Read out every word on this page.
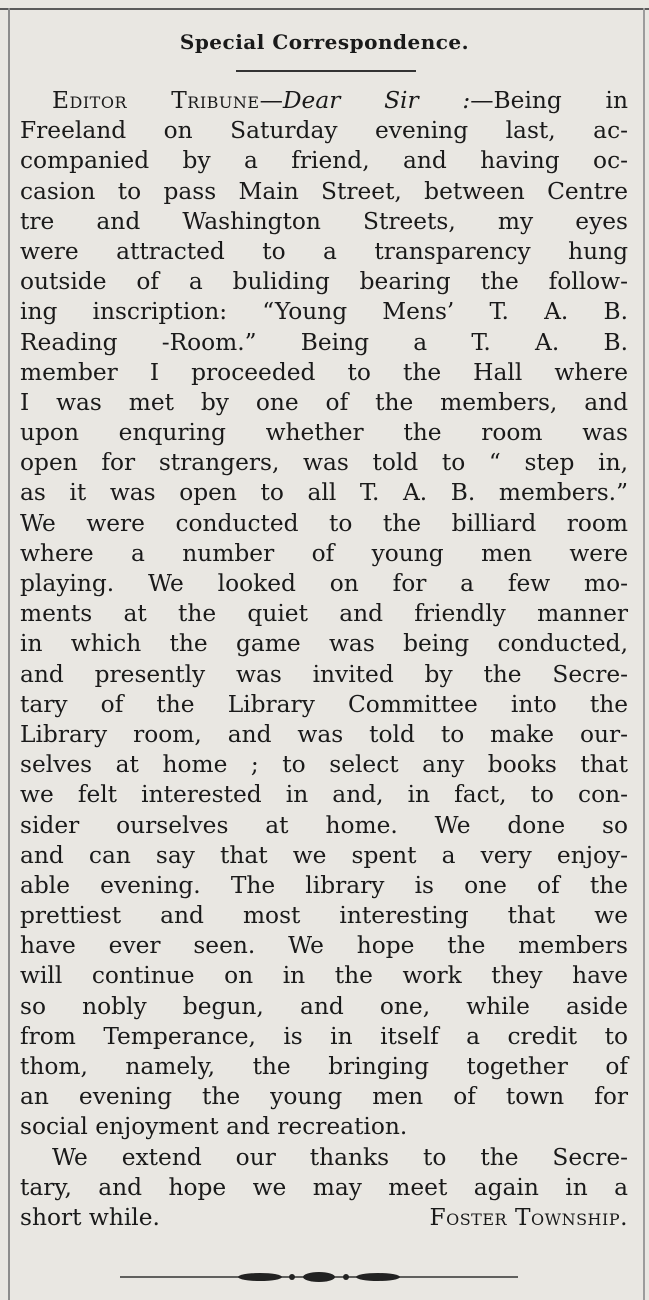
Special Correspondence.
Editor Tribune—Dear Sir :—Being in
Freeland on Saturday evening last, ac-
companied by a friend, and having oc-
casion to pass Main Street, between Centre
tre and Washington Streets, my eyes
were attracted to a transparency hung
outside of a buliding bearing the follow-
ing inscription: “Young Mens’ T. A. B.
Reading -Room.” Being a T. A. B.
member I proceeded to the Hall where
I was met by one of the members, and
upon enquring whether the room was
open for strangers, was told to “ step in,
as it was open to all T. A. B. members.”
We were conducted to the billiard room
where a number of young men were
playing. We looked on for a few mo-
ments at the quiet and friendly manner
in which the game was being conducted,
and presently was invited by the Secre-
tary of the Library Committee into the
Library room, and was told to make our-
selves at home ; to select any books that
we felt interested in and, in fact, to con-
sider ourselves at home. We done so
and can say that we spent a very enjoy-
able evening. The library is one of the
prettiest and most interesting that we
have ever seen. We hope the members
will continue on in the work they have
so nobly begun, and one, while aside
from Temperance, is in itself a credit to
thom, namely, the bringing together of
an evening the young men of town for
social enjoyment and recreation.
We extend our thanks to the Secre-
tary, and hope we may meet again in a
short while.	Foster Township.
